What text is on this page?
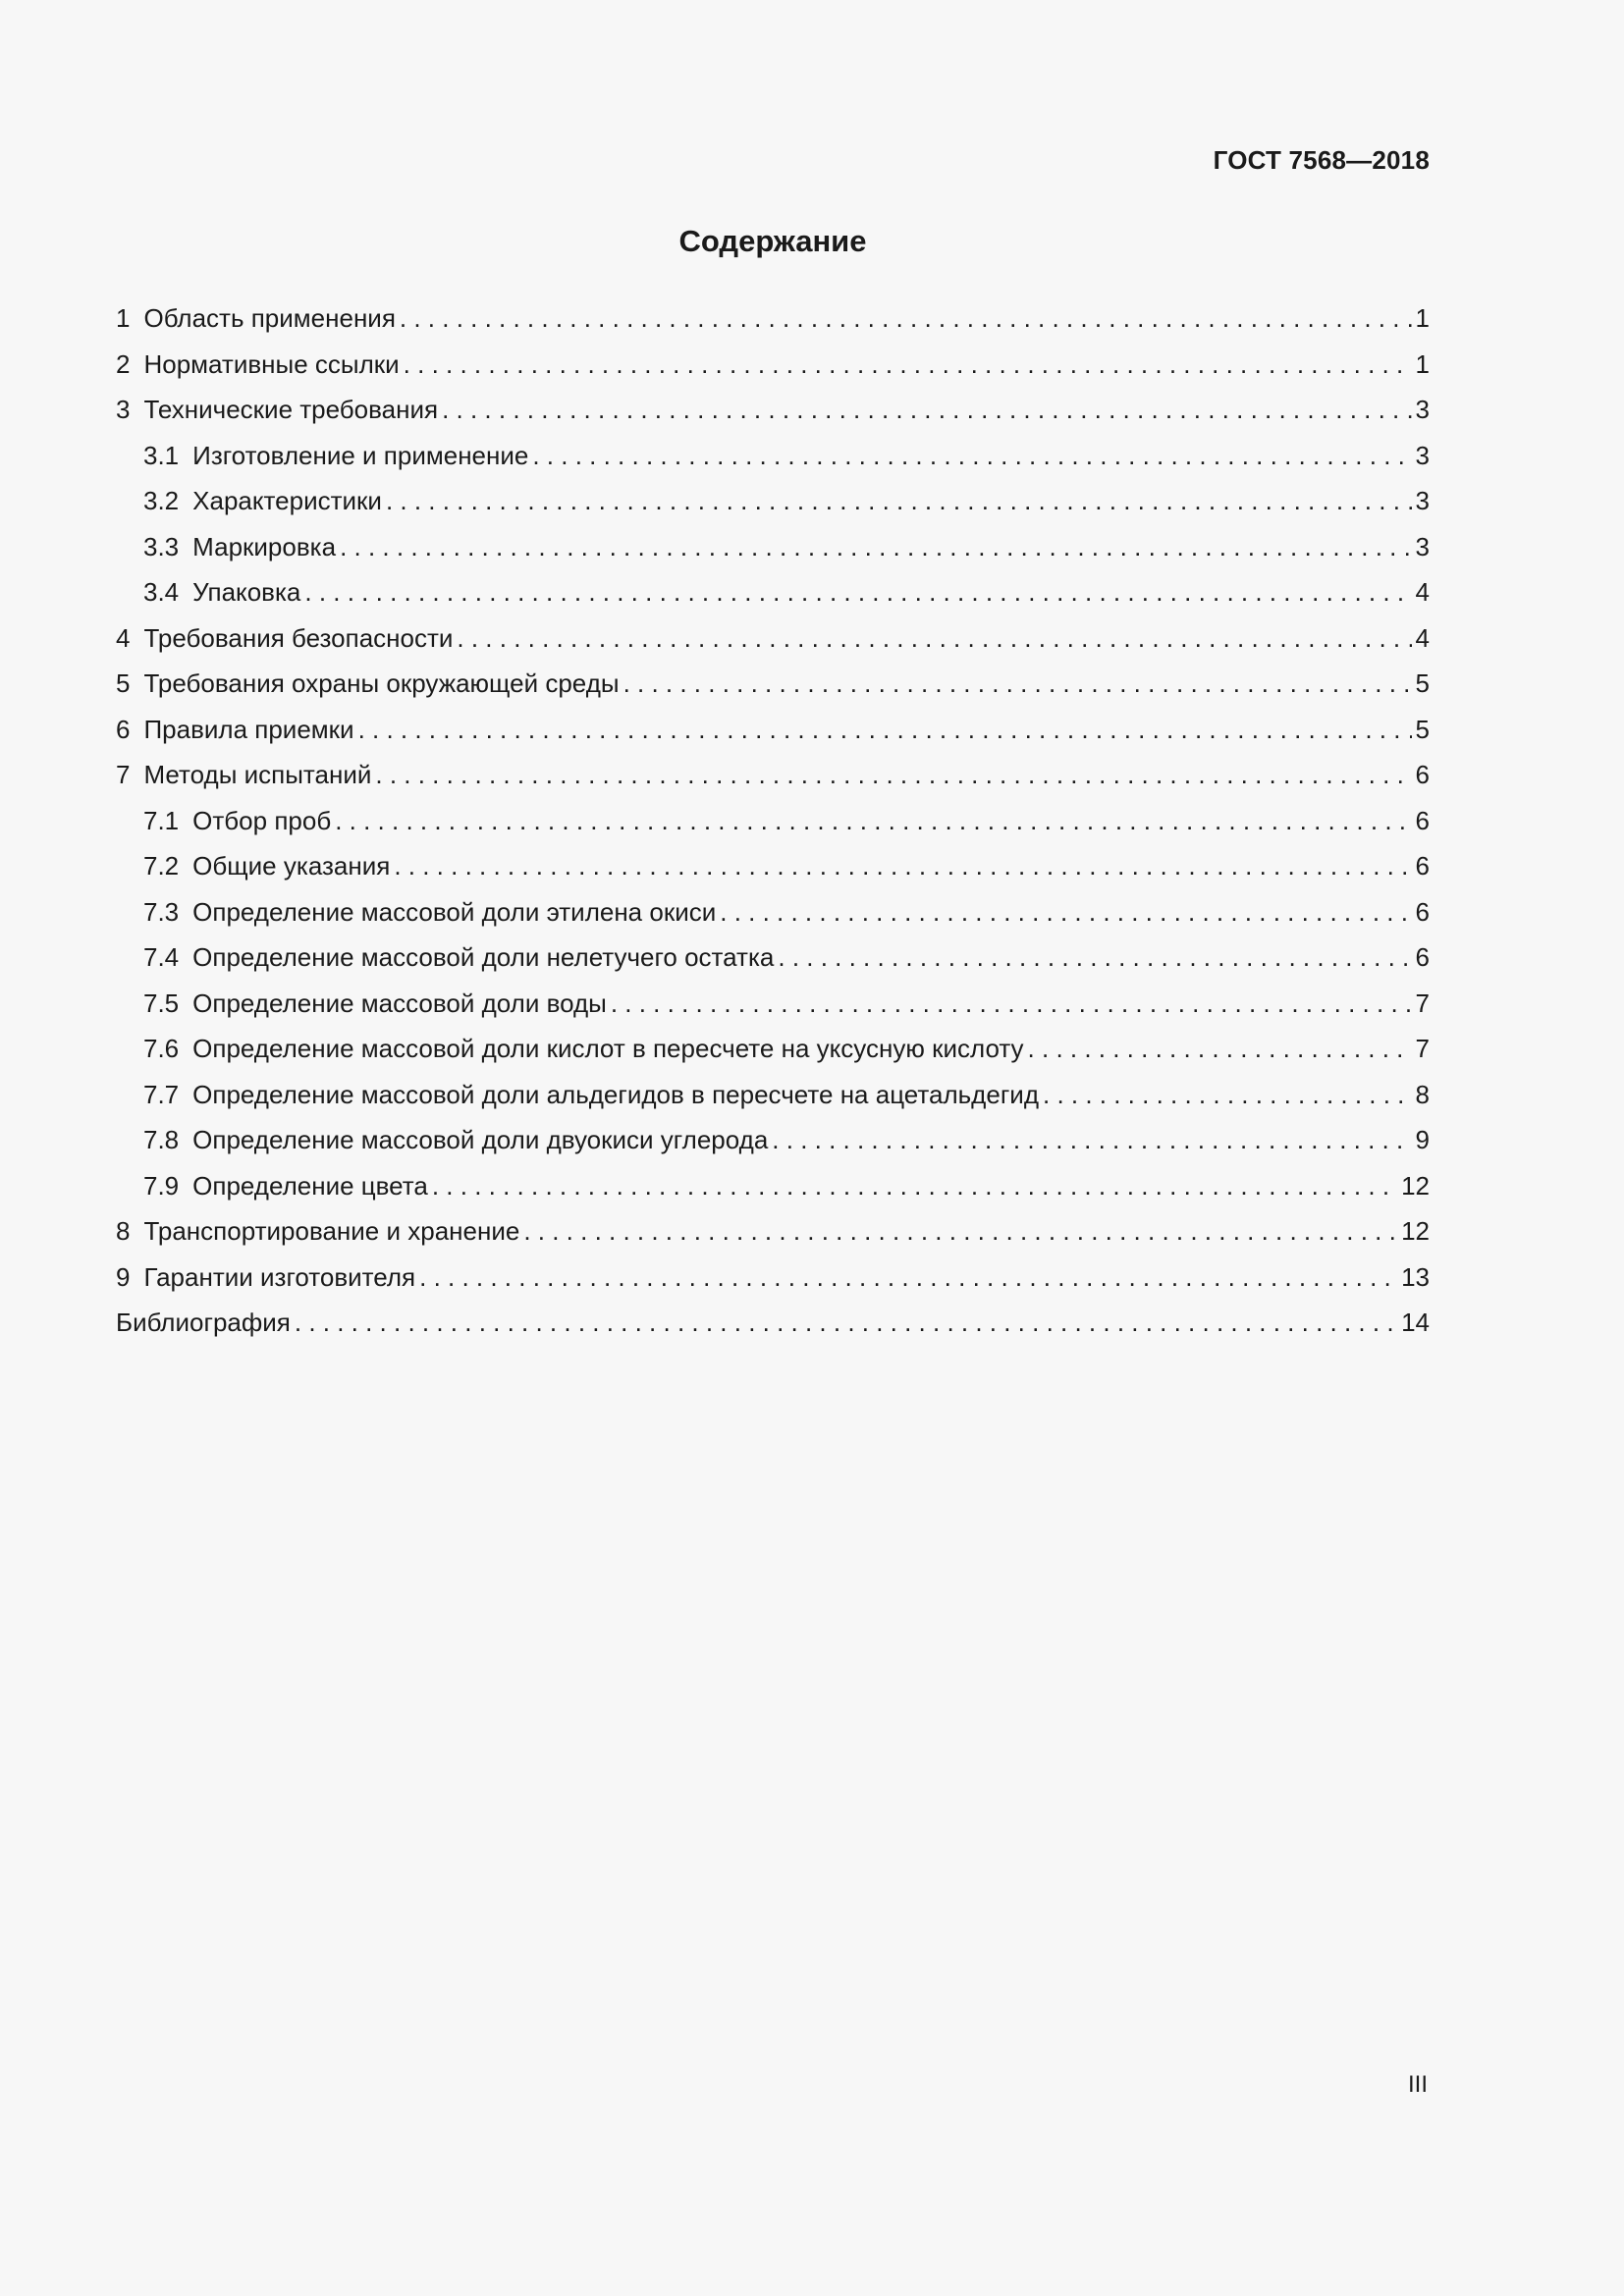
ГОСТ 7568—2018
Содержание
1 Область применения . . .	1
2 Нормативные ссылки . . .	1
3 Технические требования . . .	3
3.1 Изготовление и применение . . .	3
3.2 Характеристики . . .	3
3.3 Маркировка . . .	3
3.4 Упаковка . . .	4
4 Требования безопасности . . .	4
5 Требования охраны окружающей среды . . .	5
6 Правила приемки . . .	5
7 Методы испытаний . . .	6
7.1 Отбор проб . . .	6
7.2 Общие указания . . .	6
7.3 Определение массовой доли этилена окиси . . .	6
7.4 Определение массовой доли нелетучего остатка . . .	6
7.5 Определение массовой доли воды . . .	7
7.6 Определение массовой доли кислот в пересчете на уксусную кислоту . . .	7
7.7 Определение массовой доли альдегидов в пересчете на ацетальдегид . . .	8
7.8 Определение массовой доли двуокиси углерода . . .	9
7.9 Определение цвета . . .	12
8 Транспортирование и хранение . . .	12
9 Гарантии изготовителя . . .	13
Библиография . . .	14
III
